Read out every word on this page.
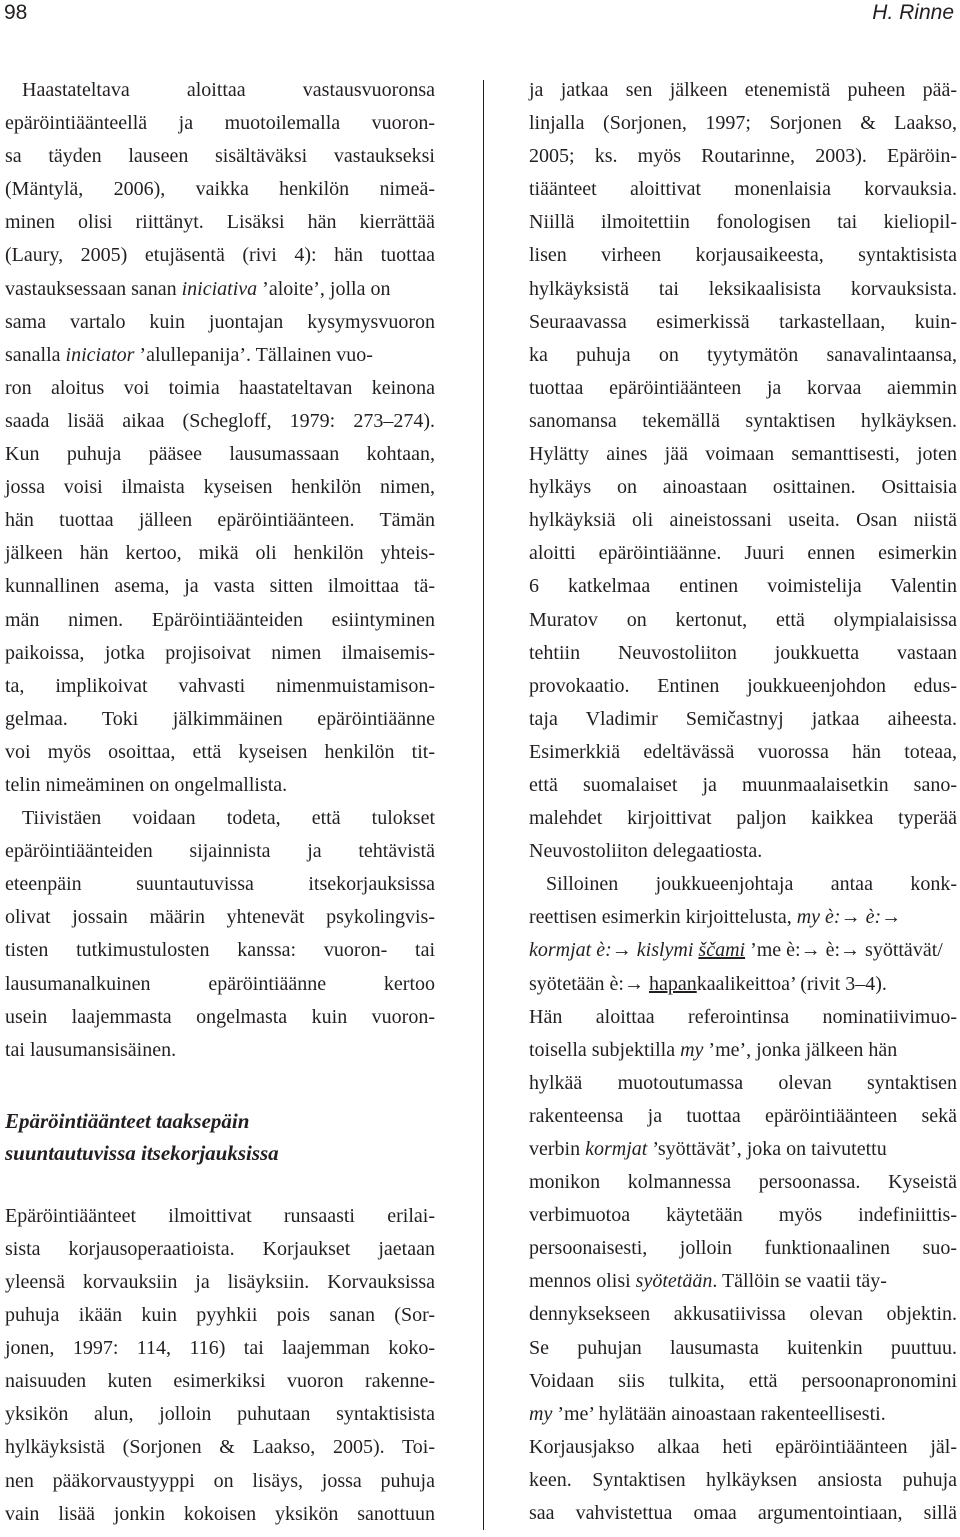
98	H. Rinne
Haastateltava aloittaa vastausvuoronsa
epäröintiäänteellä ja muotoilemalla vuoron-
sa täyden lauseen sisältäväksi vastaukseksi
(Mäntylä, 2006), vaikka henkilön nimeä-
minen olisi riittänyt. Lisäksi hän kierrättää
(Laury, 2005) etujäsentä (rivi 4): hän tuottaa
vastauksessaan sanan iniciativa ’aloite’, jolla on
sama vartalo kuin juontajan kysymysvuoron
sanalla iniciator ’alullepanija’. Tällainen vuo-
ron aloitus voi toimia haastateltavan keinona
saada lisää aikaa (Schegloff, 1979: 273–274).
Kun puhuja pääsee lausumassaan kohtaan,
jossa voisi ilmaista kyseisen henkilön nimen,
hän tuottaa jälleen epäröintiäänteen. Tämän
jälkeen hän kertoo, mikä oli henkilön yhteis-
kunnallinen asema, ja vasta sitten ilmoittaa tä-
män nimen. Epäröintiäänteiden esiintyminen
paikoissa, jotka projisoivat nimen ilmaisemis-
ta, implikoivat vahvasti nimenmuistamison-
gelmaa. Toki jälkimmäinen epäröintiäänne
voi myös osoittaa, että kyseisen henkilön tit-
telin nimeäminen on ongelmallista.
Tiivistäen voidaan todeta, että tulokset
epäröintiäänteiden sijainnista ja tehtävistä
eteenpäin suuntautuvissa itsekorjauksissa
olivat jossain määrin yhtenevät psykolingvis-
tisten tutkimustulosten kanssa: vuoron- tai
lausumanalkuinen epäröintiäänne kertoo
usein laajemmasta ongelmasta kuin vuoron-
tai lausumansisäinen.
Epäröintiäänteet taaksepäin
suuntautuvissa itsekorjauksissa
Epäröintiäänteet ilmoittivat runsaasti erilai-
sista korjausoperaatioista. Korjaukset jaetaan
yleensä korvauksiin ja lisäyksiin. Korvauksissa
puhuja ikään kuin pyyhkii pois sanan (Sor-
jonen, 1997: 114, 116) tai laajemman koko-
naisuuden kuten esimerkiksi vuoron rakenne-
yksikön alun, jolloin puhutaan syntaktisista
hylkäyksistä (Sorjonen & Laakso, 2005). Toi-
nen pääkorvaustyyppi on lisäys, jossa puhuja
vain lisää jonkin kokoisen yksikön sanottuun
ja jatkaa sen jälkeen etenemistä puheen pää-
linjalla (Sorjonen, 1997; Sorjonen & Laakso,
2005; ks. myös Routarinne, 2003). Epäröin-
tiäänteet aloittivat monenlaisia korvauksia.
Niillä ilmoitettiin fonologisen tai kieliopil-
lisen virheen korjausaikeesta, syntaktisista
hylkäyksistä tai leksikaalisista korvauksista.
Seuraavassa esimerkissä tarkastellaan, kuin-
ka puhuja on tyytymätön sanavalintaansa,
tuottaa epäröintiäänteen ja korvaa aiemmin
sanomansa tekemällä syntaktisen hylkäyksen.
Hylätty aines jää voimaan semanttisesti, joten
hylkäys on ainoastaan osittainen. Osittaisia
hylkäyksiä oli aineistossani useita. Osan niistä
aloitti epäröintiäänne. Juuri ennen esimerkin
6 katkelmaa entinen voimistelija Valentin
Muratov on kertonut, että olympialaisissa
tehtiin Neuvostoliiton joukkuetta vastaan
provokaatio. Entinen joukkueenjohdon edus-
taja Vladimir Semičastnyj jatkaa aiheesta.
Esimerkkiä edeltävässä vuorossa hän toteaa,
että suomalaiset ja muunmaalaisetkin sano-
malehdet kirjoittivat paljon kaikkea typerää
Neuvostoliiton delegaatiosta.
Silloinen joukkueenjohtaja antaa konk-
reettisen esimerkin kirjoittelusta, my è:→ è:→
kormjat è:→ kislymi ščami ’me è:→ è:→ syöttävät/
syötetään è:→ hapankaalikeittoa’ (rivit 3–4).
Hän aloittaa referointinsa nominatiivimuo-
toisella subjektilla my ’me’, jonka jälkeen hän
hylkää muotoutumassa olevan syntaktisen
rakenteensa ja tuottaa epäröintiäänteen sekä
verbin kormjat ’syöttävät’, joka on taivutettu
monikon kolmannessa persoonassa. Kyseistä
verbimuotoa käytetään myös indefiniittis-
persoonaisesti, jolloin funktionaalinen suo-
mennos olisi syötetään. Tällöin se vaatii täy-
dennyksekseen akkusatiivissa olevan objektin.
Se puhujan lausumasta kuitenkin puuttuu.
Voidaan siis tulkita, että persoonapronomini
my ’me’ hylätään ainoastaan rakenteellisesti.
Korjausjakso alkaa heti epäröintiäänteen jäl-
keen. Syntaktisen hylkäyksen ansiosta puhuja
saa vahvistettua omaa argumentointiaan, sillä
